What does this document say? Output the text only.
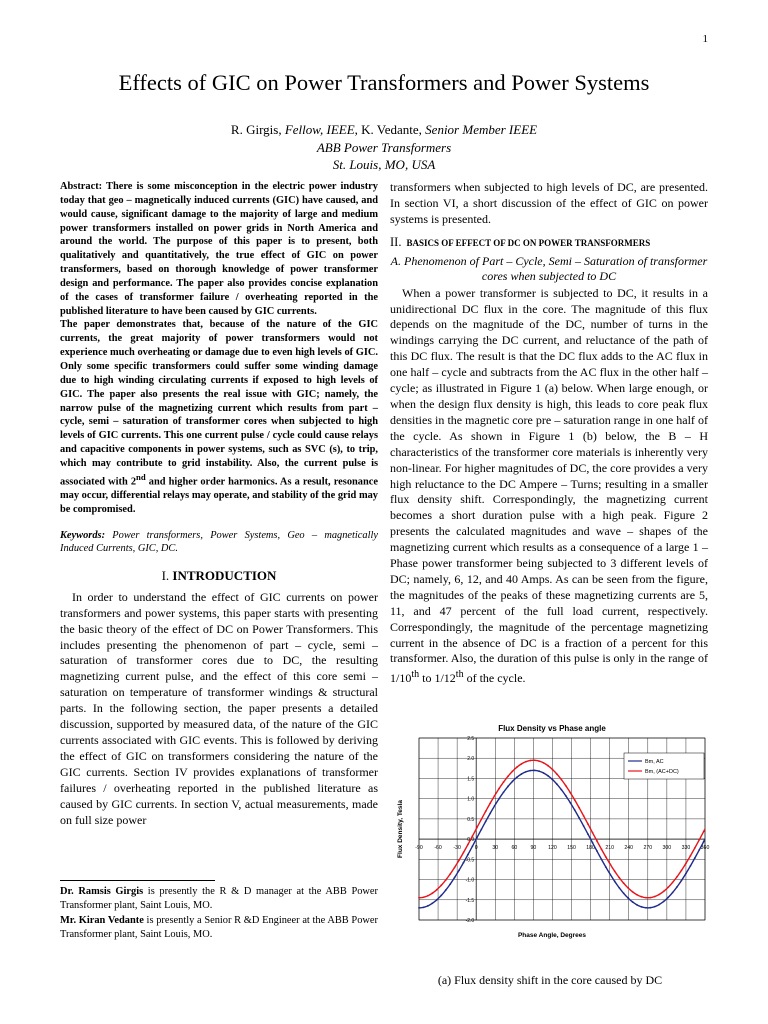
1
Effects of GIC on Power Transformers and Power Systems
R. Girgis, Fellow, IEEE, K. Vedante, Senior Member IEEE
ABB Power Transformers
St. Louis, MO, USA

Abstract: There is some misconception in the electric power industry today that geo – magnetically induced currents (GIC) have caused, and would cause, significant damage to the majority of large and medium power transformers installed on power grids in North America and around the world. The purpose of this paper is to present, both qualitatively and quantitatively, the true effect of GIC on power transformers, based on thorough knowledge of power transformer design and performance. The paper also provides concise explanation of the cases of transformer failure / overheating reported in the published literature to have been caused by GIC currents.

The paper demonstrates that, because of the nature of the GIC currents, the great majority of power transformers would not experience much overheating or damage due to even high levels of GIC. Only some specific transformers could suffer some winding damage due to high winding circulating currents if exposed to high levels of GIC. The paper also presents the real issue with GIC; namely, the narrow pulse of the magnetizing current which results from part – cycle, semi – saturation of transformer cores when subjected to high levels of GIC currents. This one current pulse / cycle could cause relays and capacitive components in power systems, such as SVC (s), to trip, which may contribute to grid instability. Also, the current pulse is associated with 2nd and higher order harmonics. As a result, resonance may occur, differential relays may operate, and stability of the grid may be compromised.

Keywords: Power transformers, Power Systems, Geo – magnetically Induced Currents, GIC, DC.

I. INTRODUCTION

In order to understand the effect of GIC currents on power transformers and power systems, this paper starts with presenting the basic theory of the effect of DC on Power Transformers. This includes presenting the phenomenon of part – cycle, semi – saturation of transformer cores due to DC, the resulting magnetizing current pulse, and the effect of this core semi – saturation on temperature of transformer windings & structural parts. In the following section, the paper presents a detailed discussion, supported by measured data, of the nature of the GIC currents associated with GIC events. This is followed by deriving the effect of GIC on transformers considering the nature of the GIC currents. Section IV provides explanations of transformer failures / overheating reported in the published literature as caused by GIC currents. In section V, actual measurements, made on full size power

Dr. Ramsis Girgis is presently the R & D manager at the ABB Power Transformer plant, Saint Louis, MO.

Mr. Kiran Vedante is presently a Senior R &D Engineer at the ABB Power Transformer plant, Saint Louis, MO.

transformers when subjected to high levels of DC, are presented. In section VI, a short discussion of the effect of GIC on power systems is presented.

II. BASICS OF EFFECT OF DC ON POWER TRANSFORMERS
A. Phenomenon of Part – Cycle, Semi – Saturation of transformer cores when subjected to DC

When a power transformer is subjected to DC, it results in a unidirectional DC flux in the core. The magnitude of this flux depends on the magnitude of the DC, number of turns in the windings carrying the DC current, and reluctance of the path of this DC flux. The result is that the DC flux adds to the AC flux in one half – cycle and subtracts from the AC flux in the other half – cycle; as illustrated in Figure 1 (a) below. When large enough, or when the design flux density is high, this leads to core peak flux densities in the magnetic core pre – saturation range in one half of the cycle. As shown in Figure 1 (b) below, the B – H characteristics of the transformer core materials is inherently very non-linear. For higher magnitudes of DC, the core provides a very high reluctance to the DC Ampere – Turns; resulting in a smaller flux density shift. Correspondingly, the magnetizing current becomes a short duration pulse with a high peak. Figure 2 presents the calculated magnitudes and wave – shapes of the magnetizing current which results as a consequence of a large 1 – Phase power transformer being subjected to 3 different levels of DC; namely, 6, 12, and 40 Amps. As can be seen from the figure, the magnitudes of the peaks of these magnetizing currents are 5, 11, and 47 percent of the full load current, respectively. Correspondingly, the magnitude of the percentage magnetizing current in the absence of DC is a fraction of a percent for this transformer. Also, the duration of this pulse is only in the range of 1/10th to 1/12th of the cycle.

Flux Density vs Phase angle
2.5
2.0
1.5
1.0
0.5
0.0
-0.5
-1.0
-1.5
-2.0
-90 -60 -30	0	30	60	90 120 150 180 210 240 270 300 330 360
Bm, AC
Bm, (AC+DC)
Phase Angle, Degrees
Flux Density, Tesla
(a) Flux density shift in the core caused by DC
